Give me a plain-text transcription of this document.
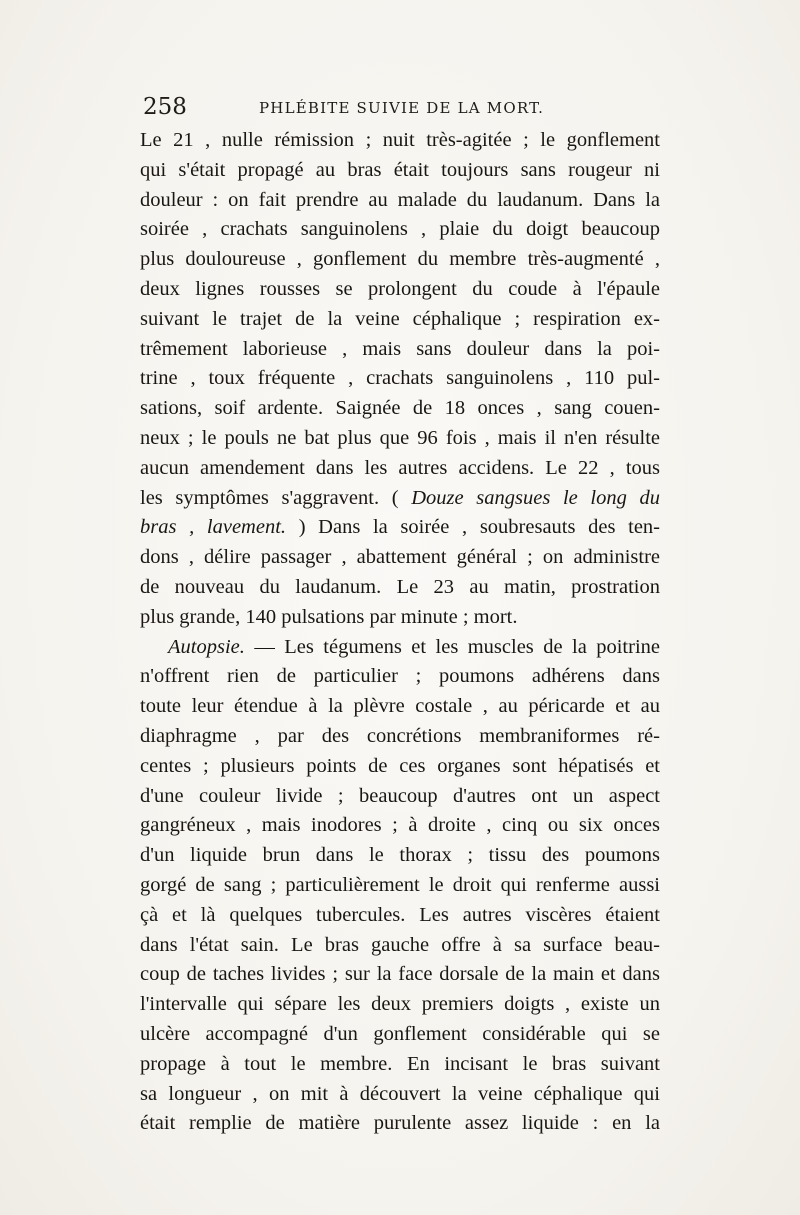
258	PHLÉBITE SUIVIE DE LA MORT.
Le 21 , nulle rémission ; nuit très-agitée ; le gonflement
qui s'était propagé au bras était toujours sans rougeur ni
douleur : on fait prendre au malade du laudanum. Dans la
soirée , crachats sanguinolens , plaie du doigt beaucoup
plus douloureuse , gonflement du membre très-augmenté ,
deux lignes rousses se prolongent du coude à l'épaule
suivant le trajet de la veine céphalique ; respiration ex-
trêmement laborieuse , mais sans douleur dans la poi-
trine , toux fréquente , crachats sanguinolens , 110 pul-
sations, soif ardente. Saignée de 18 onces , sang couen-
neux ; le pouls ne bat plus que 96 fois , mais il n'en résulte
aucun amendement dans les autres accidens. Le 22 , tous
les symptômes s'aggravent. ( Douze sangsues le long du
bras , lavement. ) Dans la soirée , soubresauts des ten-
dons , délire passager , abattement général ; on administre
de nouveau du laudanum. Le 23 au matin, prostration
plus grande, 140 pulsations par minute ; mort.
Autopsie. — Les tégumens et les muscles de la poitrine
n'offrent rien de particulier ; poumons adhérens dans
toute leur étendue à la plèvre costale , au péricarde et au
diaphragme , par des concrétions membraniformes ré-
centes ; plusieurs points de ces organes sont hépatisés et
d'une couleur livide ; beaucoup d'autres ont un aspect
gangréneux , mais inodores ; à droite , cinq ou six onces
d'un liquide brun dans le thorax ; tissu des poumons
gorgé de sang ; particulièrement le droit qui renferme aussi
çà et là quelques tubercules. Les autres viscères étaient
dans l'état sain. Le bras gauche offre à sa surface beau-
coup de taches livides ; sur la face dorsale de la main et dans
l'intervalle qui sépare les deux premiers doigts , existe un
ulcère accompagné d'un gonflement considérable qui se
propage à tout le membre. En incisant le bras suivant
sa longueur , on mit à découvert la veine céphalique qui
était remplie de matière purulente assez liquide : en la
